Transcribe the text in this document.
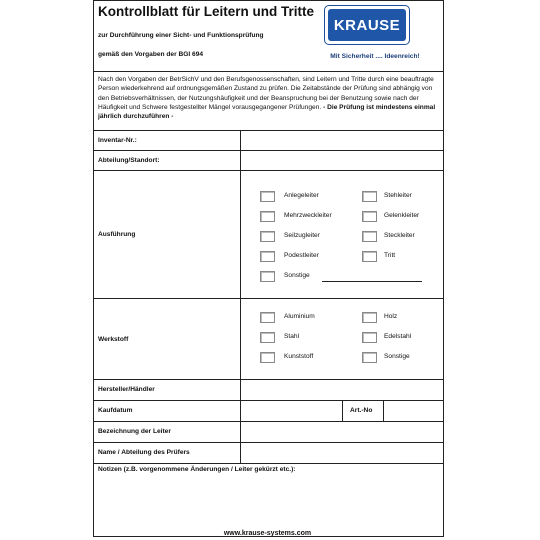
Kontrollblatt für Leitern und Tritte
zur Durchführung einer Sicht- und Funktionsprüfung
gemäß den Vorgaben der BGI 694
KRAUSE
Mit Sicherheit .... Ideenreich!
Nach den Vorgaben der BetrSichV und den Berufsgenossenschaften, sind Leitern und Tritte durch eine beauftragte Person wiederkehrend auf ordnungsgemäßen Zustand zu prüfen. Die Zeitabstände der Prüfung sind abhängig von den Betriebsverhältnissen, der Nutzungshäufigkeit und der Beanspruchung bei der Benutzung sowie nach der Häufigkeit und Schwere festgestellter Mängel vorausgegangener Prüfungen. - Die Prüfung ist mindestens einmal jährlich durchzuführen -
Inventar-Nr.:
Abteilung/Standort:
Ausführung
Anlegeleiter	Stehleiter
Mehrzweckleiter	Gelenkleiter
Seilzugleiter	Steckleiter
Podestleiter	Tritt
Sonstige
Werkstoff
Aluminium	Holz
Stahl	Edelstahl
Kunststoff	Sonstige
Hersteller/Händler
Kaufdatum	Art.-No
Bezeichnung der Leiter
Name / Abteilung des Prüfers
Notizen (z.B. vorgenommene Änderungen / Leiter gekürzt etc.):
www.krause-systems.com
